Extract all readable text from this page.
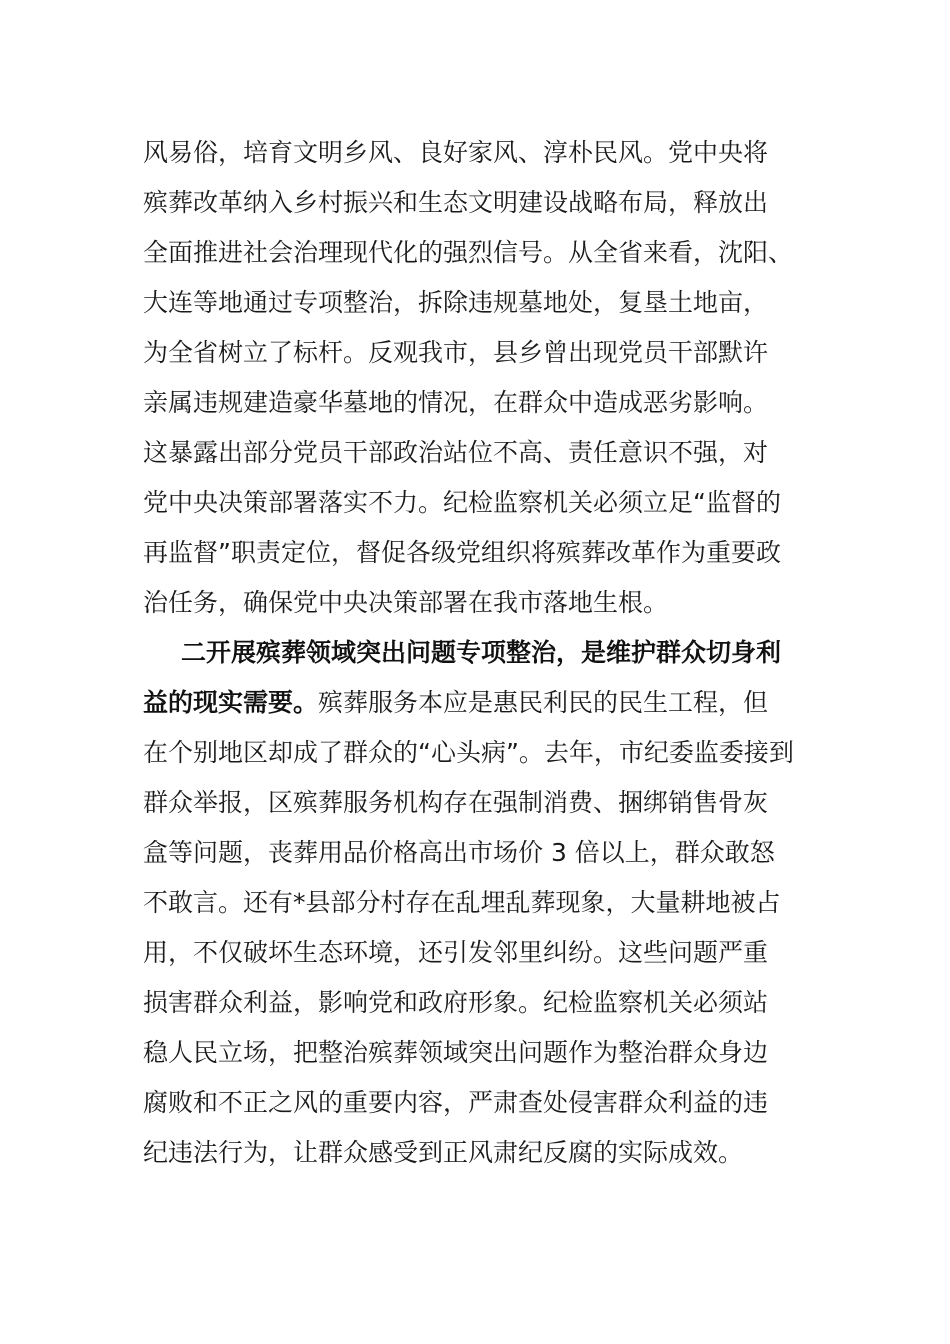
风易俗，培育文明乡风、良好家风、淳朴民风。党中央将
殡葬改革纳入乡村振兴和生态文明建设战略布局，释放出
全面推进社会治理现代化的强烈信号。从全省来看，沈阳、
大连等地通过专项整治，拆除违规墓地处，复垦土地亩，
为全省树立了标杆。反观我市，县乡曾出现党员干部默许
亲属违规建造豪华墓地的情况，在群众中造成恶劣影响。
这暴露出部分党员干部政治站位不高、责任意识不强，对
党中央决策部署落实不力。纪检监察机关必须立足“监督的
再监督”职责定位，督促各级党组织将殡葬改革作为重要政
治任务，确保党中央决策部署在我市落地生根。
二开展殡葬领域突出问题专项整治，是维护群众切身利
益的现实需要。殡葬服务本应是惠民利民的民生工程，但
在个别地区却成了群众的“心头病”。去年，市纪委监委接到
群众举报，区殡葬服务机构存在强制消费、捆绑销售骨灰
盒等问题，丧葬用品价格高出市场价 3 倍以上，群众敢怒
不敢言。还有*县部分村存在乱埋乱葬现象，大量耕地被占
用，不仅破坏生态环境，还引发邻里纠纷。这些问题严重
损害群众利益，影响党和政府形象。纪检监察机关必须站
稳人民立场，把整治殡葬领域突出问题作为整治群众身边
腐败和不正之风的重要内容，严肃查处侵害群众利益的违
纪违法行为，让群众感受到正风肃纪反腐的实际成效。
